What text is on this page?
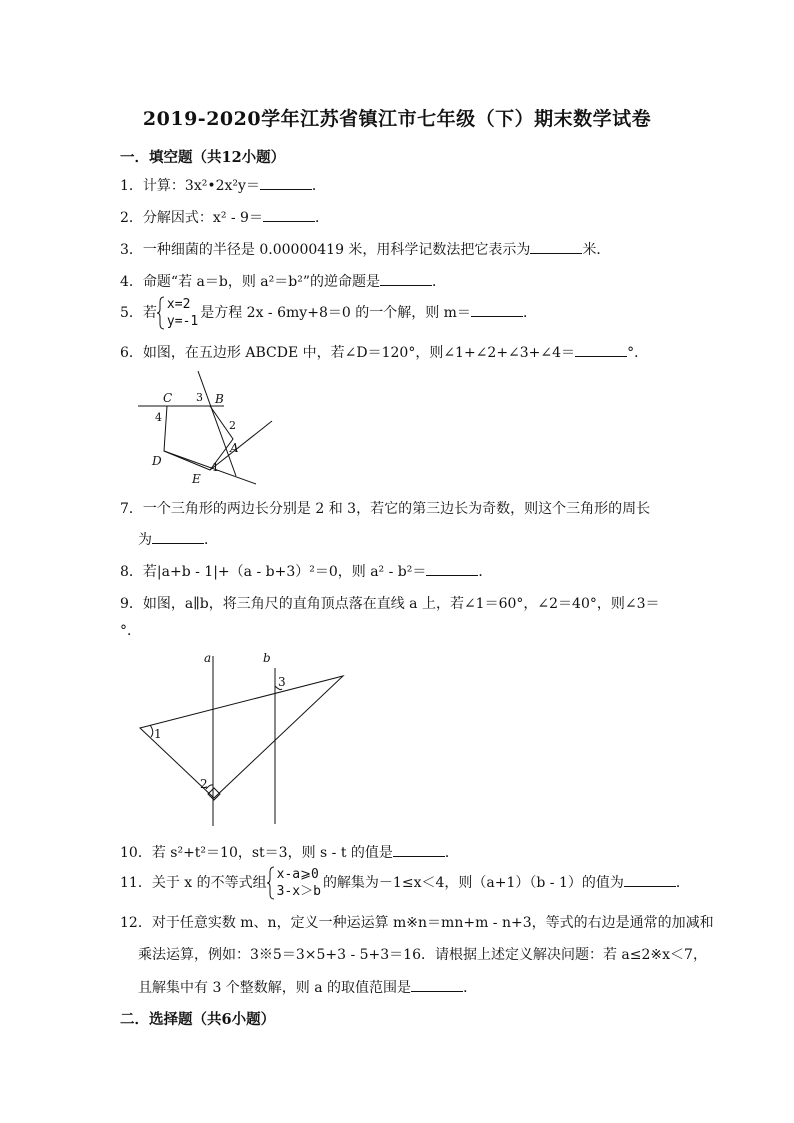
2019-2020学年江苏省镇江市七年级（下）期末数学试卷
一．填空题（共12小题）
1．计算：3x²•2x²y＝	．
2．分解因式：x² - 9＝	．
3．一种细菌的半径是 0.00000419 米，用科学记数法把它表示为	米．
4．命题“若 a＝b，则 a²＝b²”的逆命题是	．
5．若
x=2
y=-1
是方程 2x - 6my+8＝0 的一个解，则 m＝	．
6．如图，在五边形 ABCDE 中，若∠D＝120°，则∠1+∠2+∠3+∠4＝	°．
C	B
A
E
D	1
2
3
4
7．一个三角形的两边长分别是 2 和 3，若它的第三边长为奇数，则这个三角形的周长
为	．
8．若|a+b - 1|+（a - b+3）²＝0，则 a² - b²＝	．
9．如图，a∥b，将三角尺的直角顶点落在直线 a 上，若∠1＝60°，∠2＝40°，则∠3＝
°．
a	b
3
1
2
10．若 s²+t²＝10，st＝3，则 s - t 的值是	．
11．关于 x 的不等式组
x-a⩾0
3-x＞b
的解集为－1≤x＜4，则（a+1）（b - 1）的值为	．
12．对于任意实数 m、n，定义一种运运算 m※n＝mn+m - n+3，等式的右边是通常的加减和
乘法运算，例如：3※5＝3×5+3 - 5+3＝16．请根据上述定义解决问题：若 a≤2※x＜7，
且解集中有 3 个整数解，则 a 的取值范围是	．
二．选择题（共6小题）
